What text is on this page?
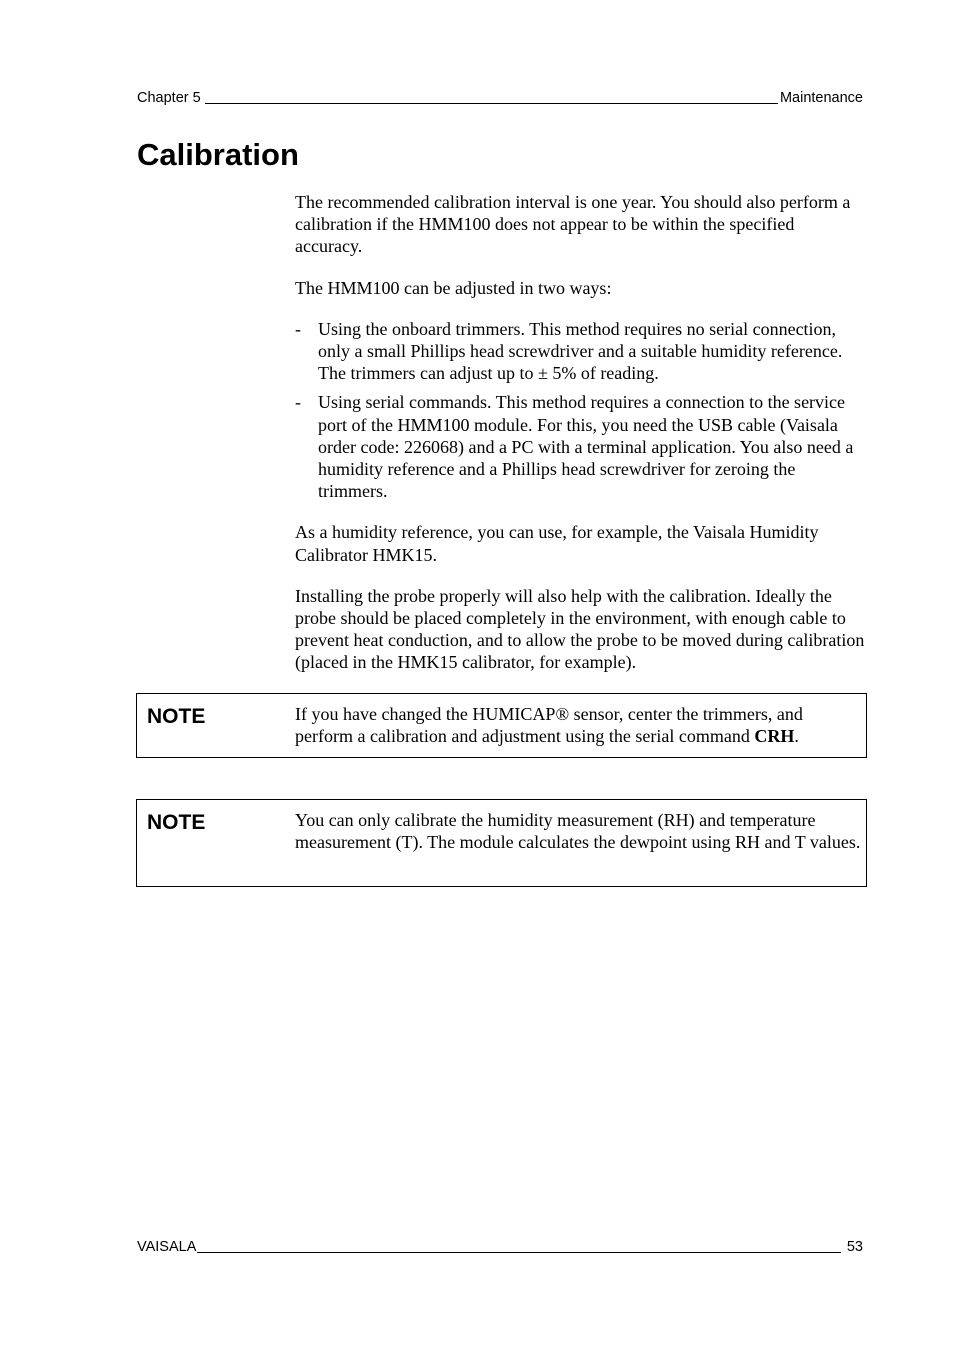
Chapter 5	Maintenance
Calibration

The recommended calibration interval is one year. You should also perform a calibration if the HMM100 does not appear to be within the specified accuracy.

The HMM100 can be adjusted in two ways:

- Using the onboard trimmers. This method requires no serial connection, only a small Phillips head screwdriver and a suitable humidity reference. The trimmers can adjust up to ± 5% of reading.
- Using serial commands. This method requires a connection to the service port of the HMM100 module. For this, you need the USB cable (Vaisala order code: 226068) and a PC with a terminal application. You also need a humidity reference and a Phillips head screwdriver for zeroing the trimmers.

As a humidity reference, you can use, for example, the Vaisala Humidity Calibrator HMK15.

Installing the probe properly will also help with the calibration. Ideally the probe should be placed completely in the environment, with enough cable to prevent heat conduction, and to allow the probe to be moved during calibration (placed in the HMK15 calibrator, for example).

NOTE	If you have changed the HUMICAP® sensor, center the trimmers, and perform a calibration and adjustment using the serial command CRH.
NOTE	You can only calibrate the humidity measurement (RH) and temperature measurement (T). The module calculates the dewpoint using RH and T values.
VAISALA	53
